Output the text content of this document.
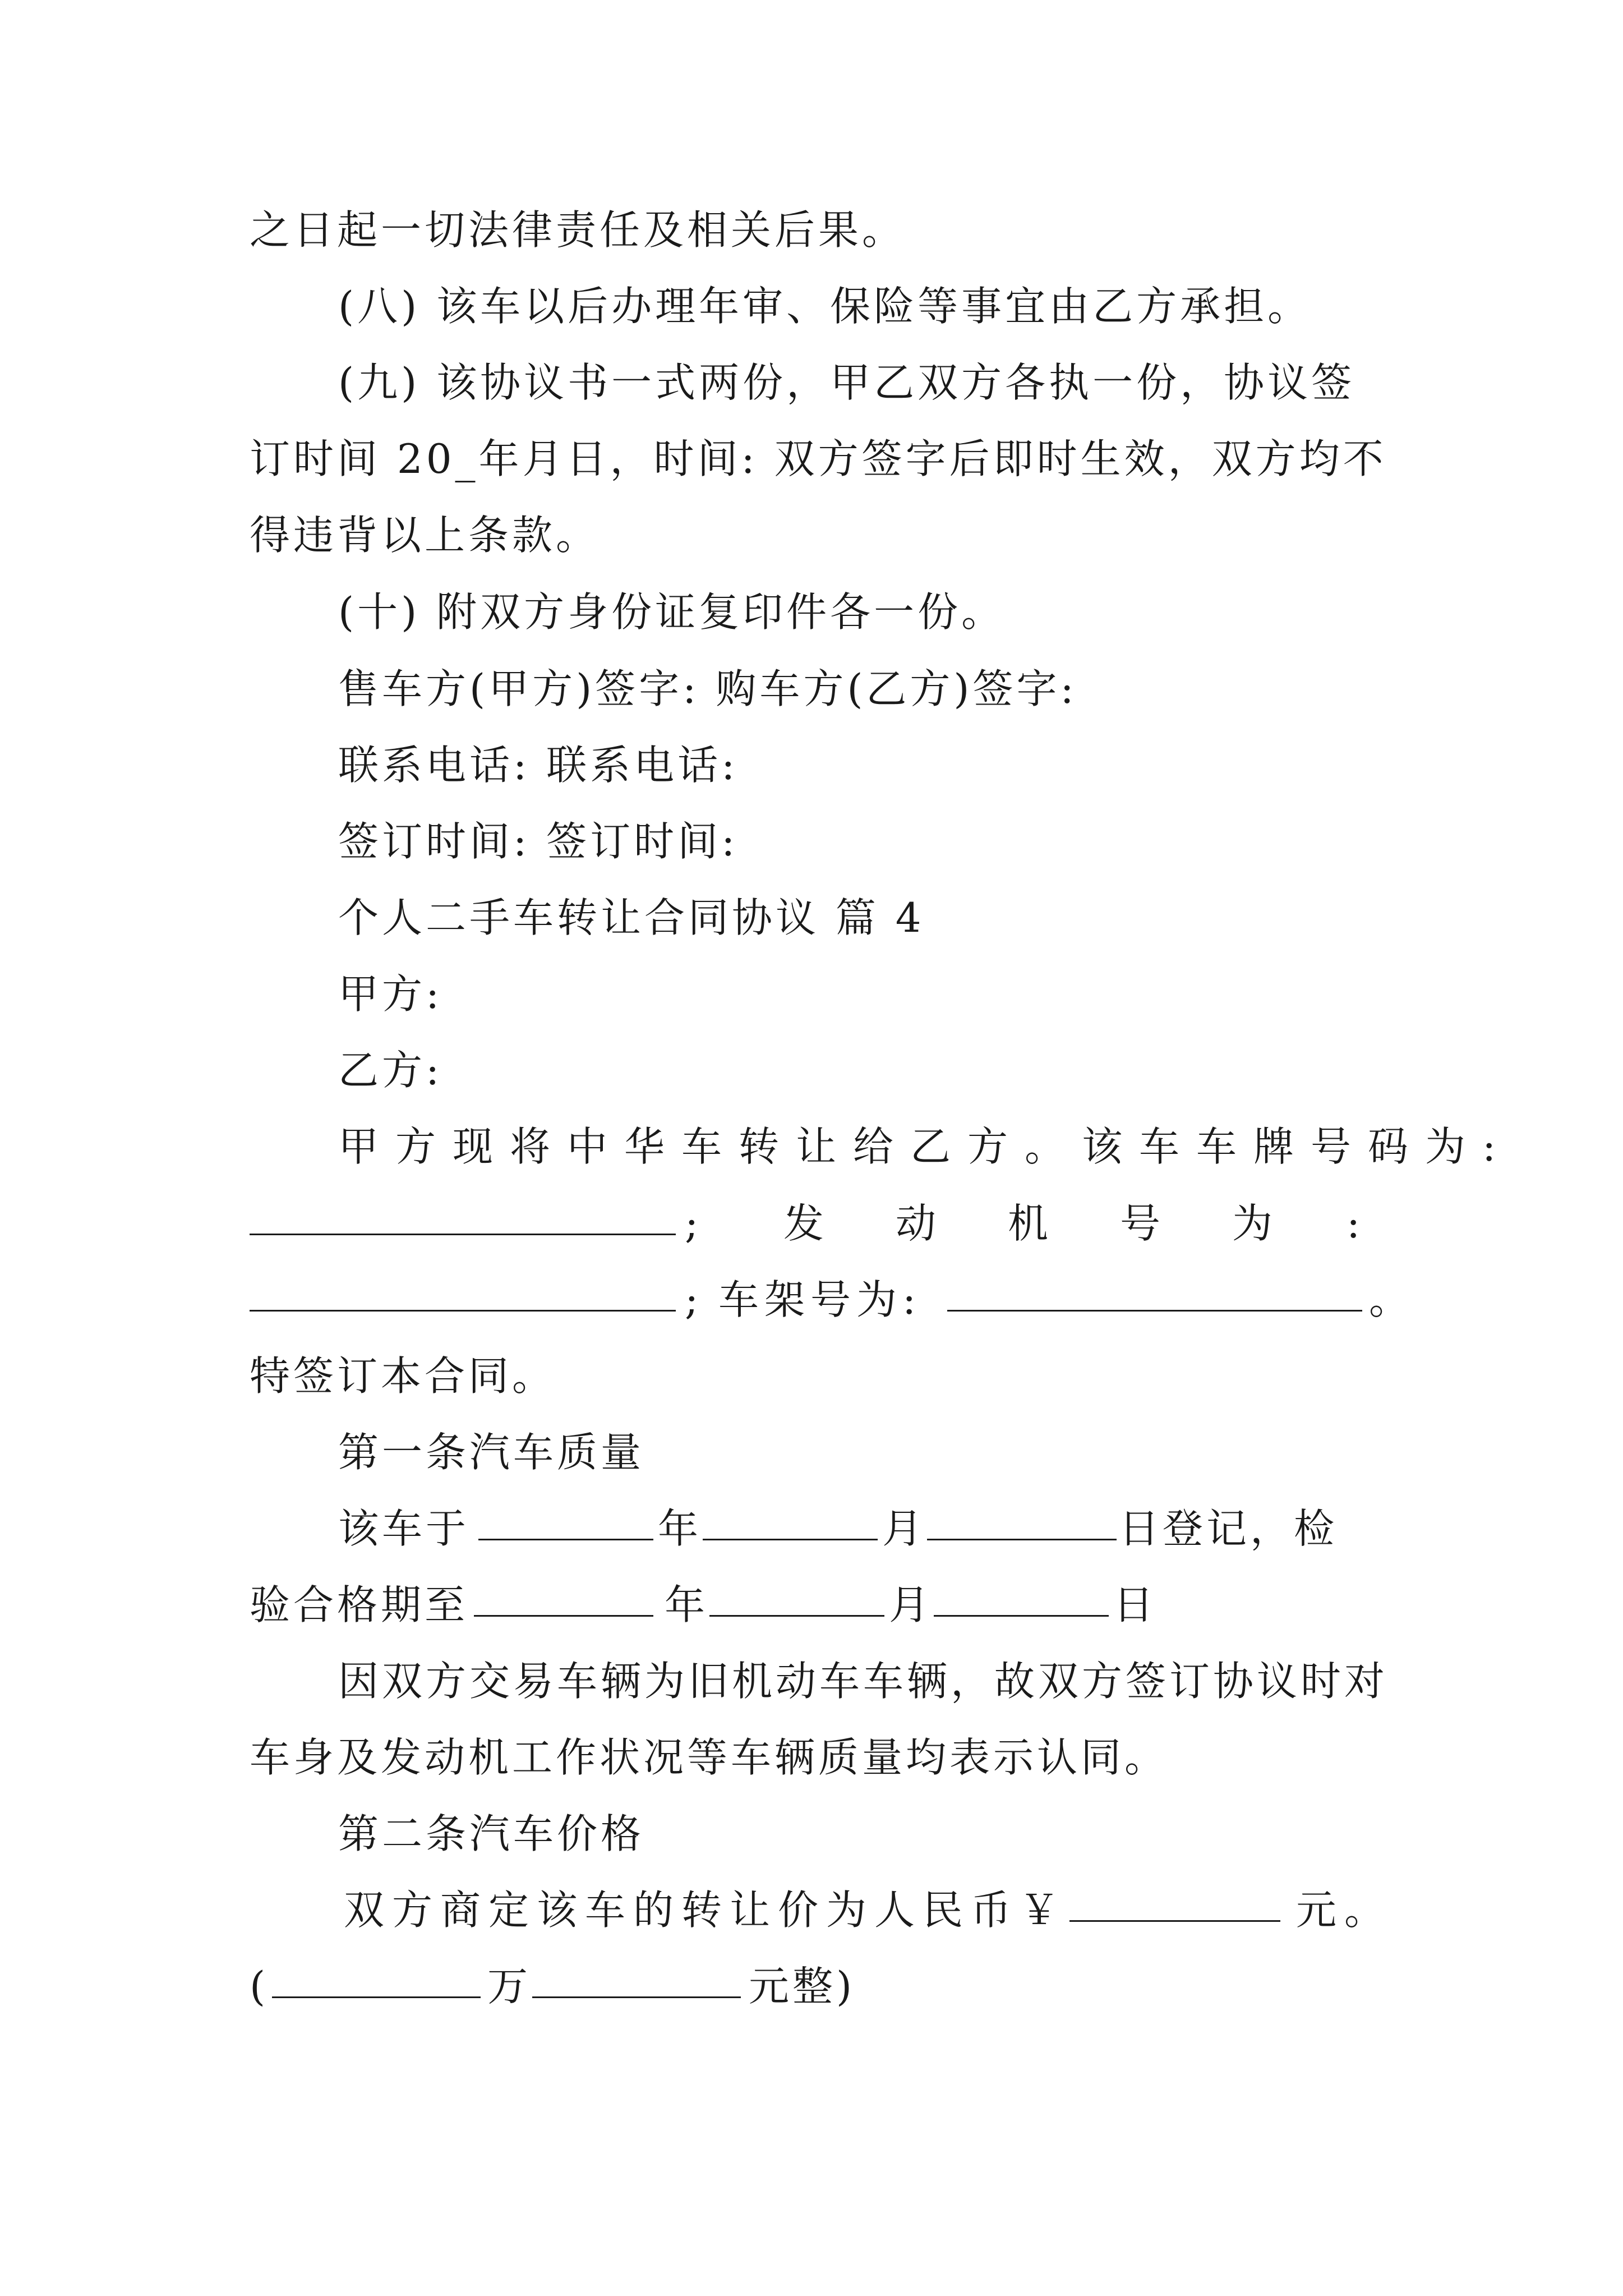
之日起一切法律责任及相关后果。
(八) 该车以后办理年审、保险等事宜由乙方承担。
(九) 该协议书一式两份，甲乙双方各执一份，协议签
订时间 20_年月日，时间: 双方签字后即时生效，双方均不
得违背以上条款。
(十) 附双方身份证复印件各一份。
售车方(甲方)签字: 购车方(乙方)签字:
联系电话: 联系电话:
签订时间: 签订时间:
个人二手车转让合同协议 篇 4
甲方:
乙方:
甲方现将中华车转让给乙方。该车车牌号码为:
; 发 动 机 号 为 :
; 车架号为:	。
特签订本合同。
第一条汽车质量
该车于	年	月	日登记，检
验合格期至	年	月	日
因双方交易车辆为旧机动车车辆，故双方签订协议时对
车身及发动机工作状况等车辆质量均表示认同。
第二条汽车价格
双方商定该车的转让价为人民币￥	元。
(	万	元整)
